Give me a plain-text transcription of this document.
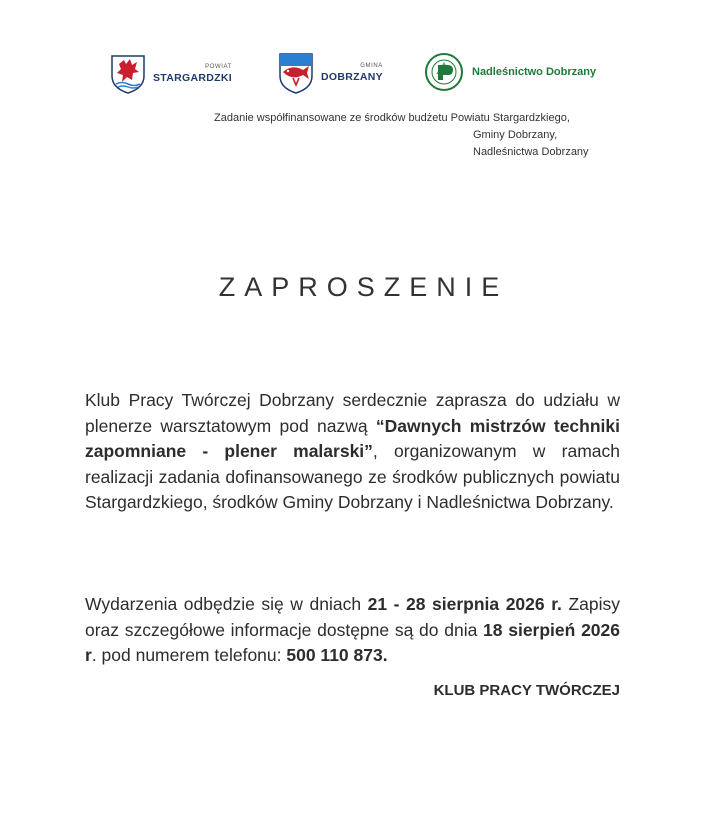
POWIAT
STARGARDZKI
GMINA
DOBRZANY	Nadleśnictwo Dobrzany
Zadanie współfinansowane ze środków budżetu Powiatu Stargardzkiego,
Gminy Dobrzany,
Nadleśnictwa Dobrzany
ZAPROSZENIE
Klub Pracy Twórczej Dobrzany serdecznie zaprasza do udziału w plenerze warsztatowym pod nazwą “Dawnych mistrzów techniki zapomniane - plener malarski”, organizowanym w ramach realizacji zadania dofinansowanego ze środków publicznych powiatu Stargardzkiego, środków Gminy Dobrzany i Nadleśnictwa Dobrzany.
Wydarzenia odbędzie się w dniach 21 - 28 sierpnia 2026 r. Zapisy oraz szczegółowe informacje dostępne są do dnia 18 sierpień 2026 r. pod numerem telefonu: 500 110 873.
KLUB PRACY TWÓRCZEJ
